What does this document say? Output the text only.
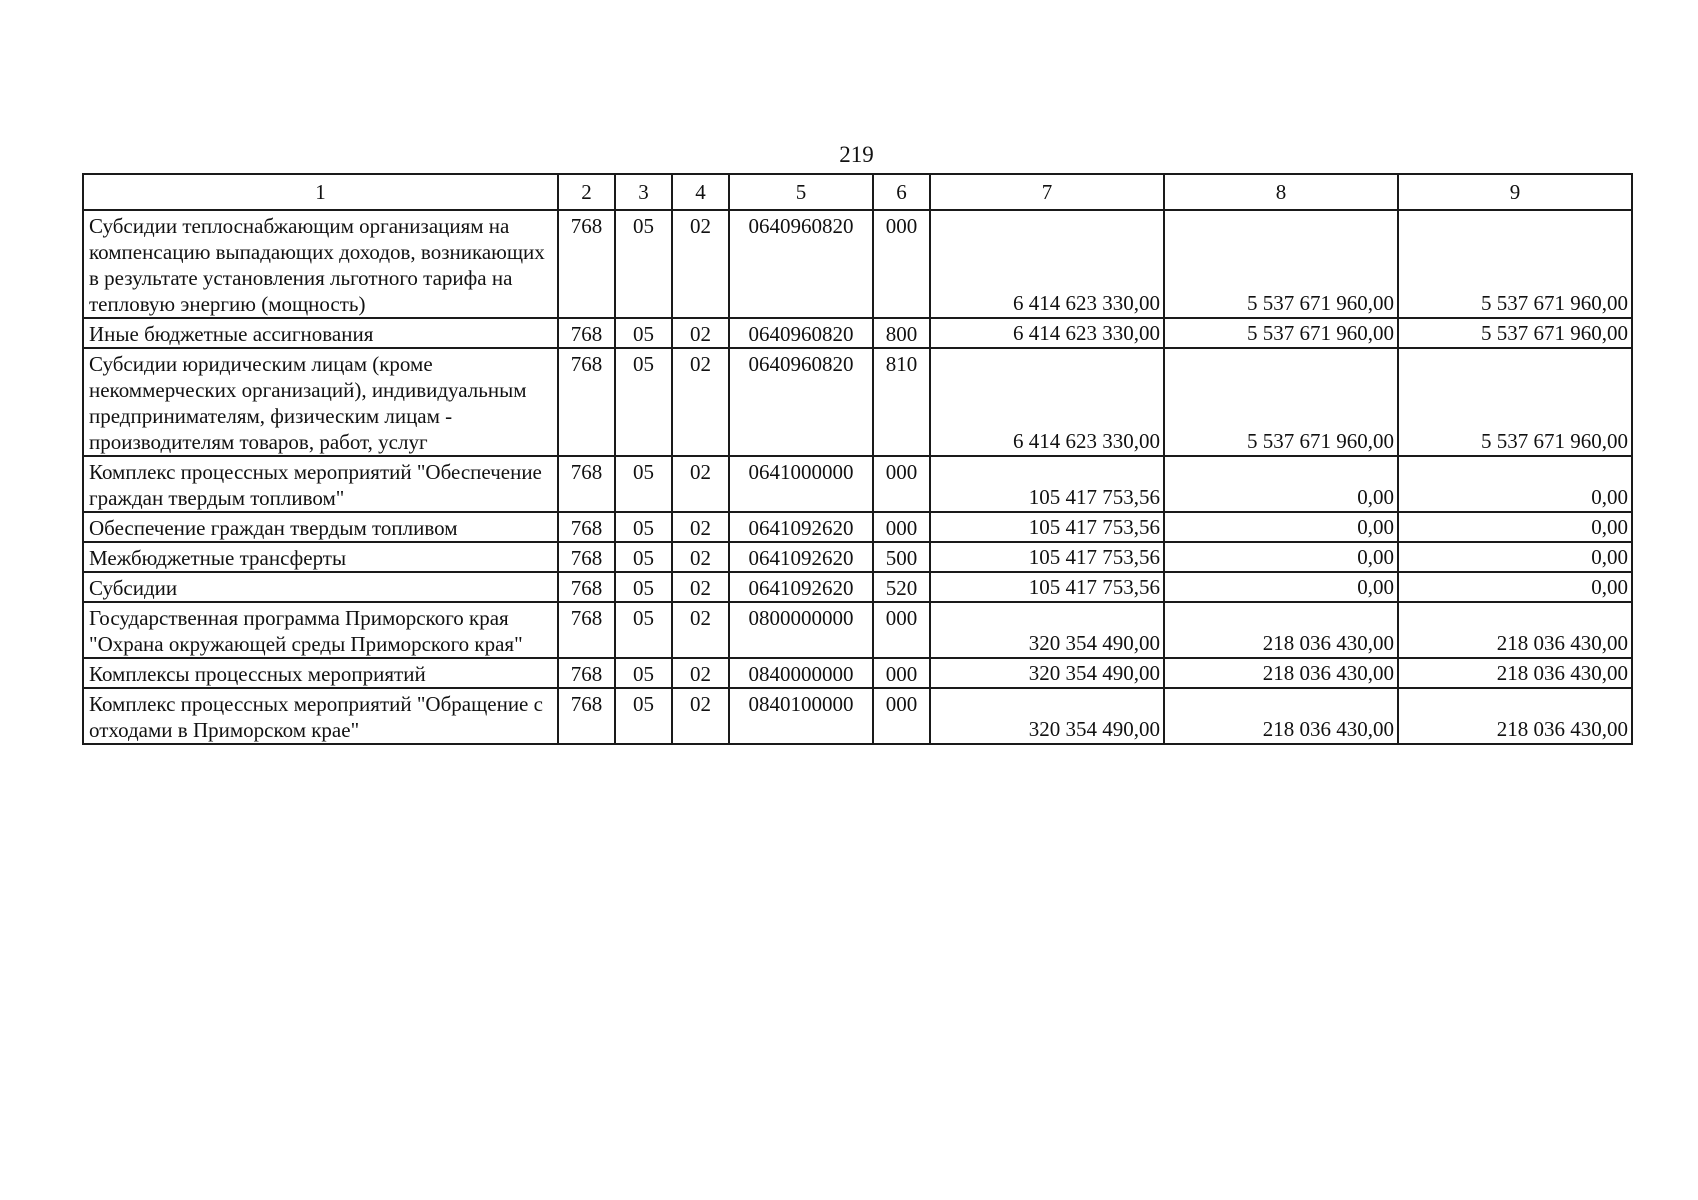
219
1	2	3	4	5	6	7	8	9
Субсидии теплоснабжающим организациям на компенсацию выпадающих доходов, возникающих в результате установления льготного тарифа на тепловую энергию (мощность)	768	05	02	0640960820	000	6 414 623 330,00	5 537 671 960,00	5 537 671 960,00
Иные бюджетные ассигнования	768	05	02	0640960820	800	6 414 623 330,00	5 537 671 960,00	5 537 671 960,00
Субсидии юридическим лицам (кроме некоммерческих организаций), индивидуальным предпринимателям, физическим лицам - производителям товаров, работ, услуг	768	05	02	0640960820	810	6 414 623 330,00	5 537 671 960,00	5 537 671 960,00
Комплекс процессных мероприятий "Обеспечение граждан твердым топливом"	768	05	02	0641000000	000	105 417 753,56	0,00	0,00
Обеспечение граждан твердым топливом	768	05	02	0641092620	000	105 417 753,56	0,00	0,00
Межбюджетные трансферты	768	05	02	0641092620	500	105 417 753,56	0,00	0,00
Субсидии	768	05	02	0641092620	520	105 417 753,56	0,00	0,00
Государственная программа Приморского края "Охрана окружающей среды Приморского края"	768	05	02	0800000000	000	320 354 490,00	218 036 430,00	218 036 430,00
Комплексы процессных мероприятий	768	05	02	0840000000	000	320 354 490,00	218 036 430,00	218 036 430,00
Комплекс процессных мероприятий "Обращение с отходами в Приморском крае"	768	05	02	0840100000	000	320 354 490,00	218 036 430,00	218 036 430,00
